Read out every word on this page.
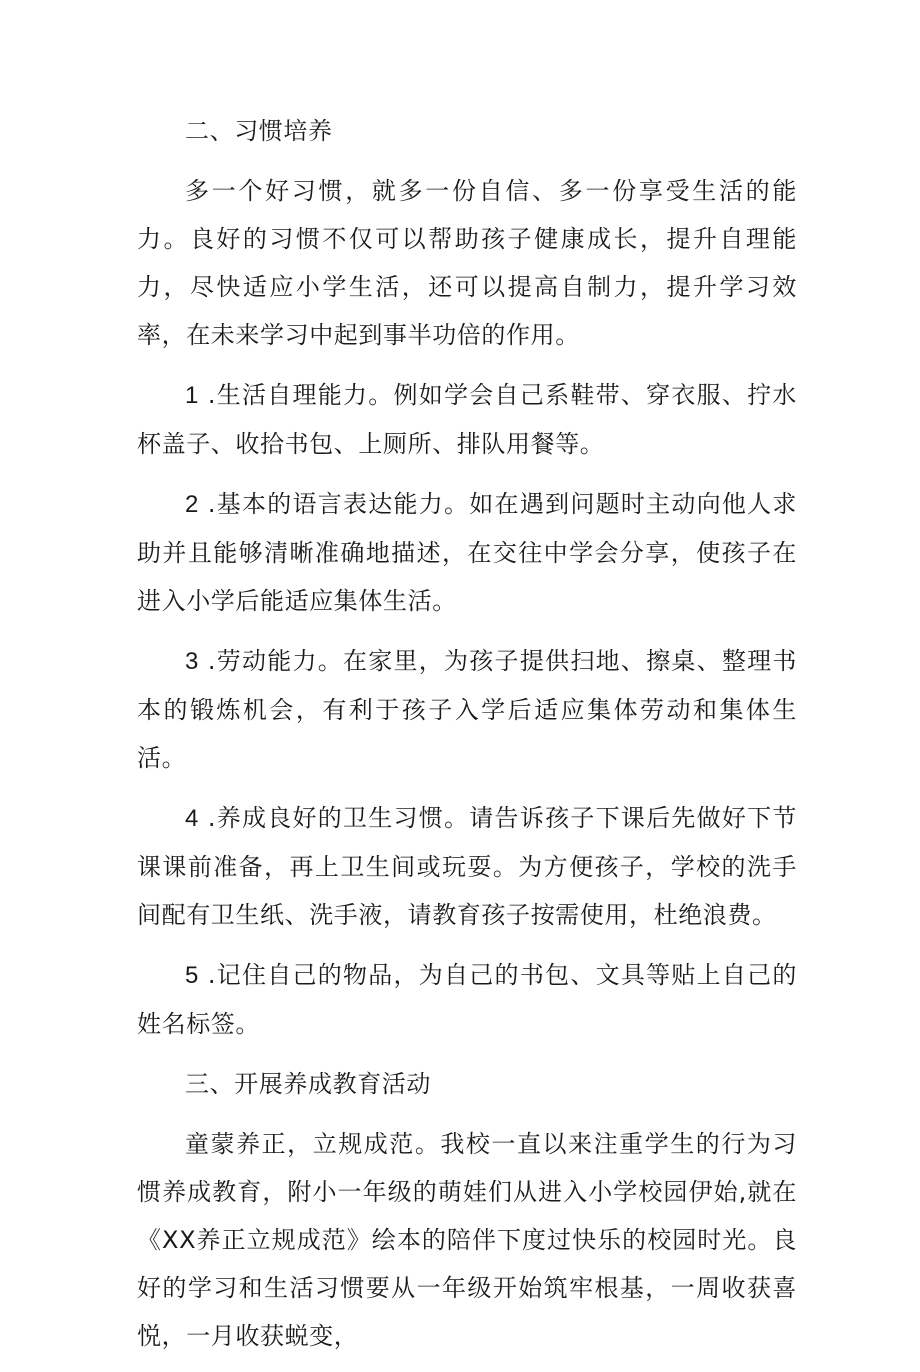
二、习惯培养

多一个好习惯，就多一份自信、多一份享受生活的能力。良好的习惯不仅可以帮助孩子健康成长，提升自理能力，尽快适应小学生活，还可以提高自制力，提升学习效率，在未来学习中起到事半功倍的作用。

1 .生活自理能力。例如学会自己系鞋带、穿衣服、拧水杯盖子、收拾书包、上厕所、排队用餐等。

2 .基本的语言表达能力。如在遇到问题时主动向他人求助并且能够清晰准确地描述，在交往中学会分享，使孩子在进入小学后能适应集体生活。

3 .劳动能力。在家里，为孩子提供扫地、擦桌、整理书本的锻炼机会，有利于孩子入学后适应集体劳动和集体生活。

4 .养成良好的卫生习惯。请告诉孩子下课后先做好下节课课前准备，再上卫生间或玩耍。为方便孩子，学校的洗手间配有卫生纸、洗手液，请教育孩子按需使用，杜绝浪费。

5 .记住自己的物品，为自己的书包、文具等贴上自己的姓名标签。

三、开展养成教育活动

童蒙养正，立规成范。我校一直以来注重学生的行为习惯养成教育，附小一年级的萌娃们从进入小学校园伊始,就在《XX养正立规成范》绘本的陪伴下度过快乐的校园时光。良好的学习和生活习惯要从一年级开始筑牢根基，一周收获喜悦，一月收获蜕变，
